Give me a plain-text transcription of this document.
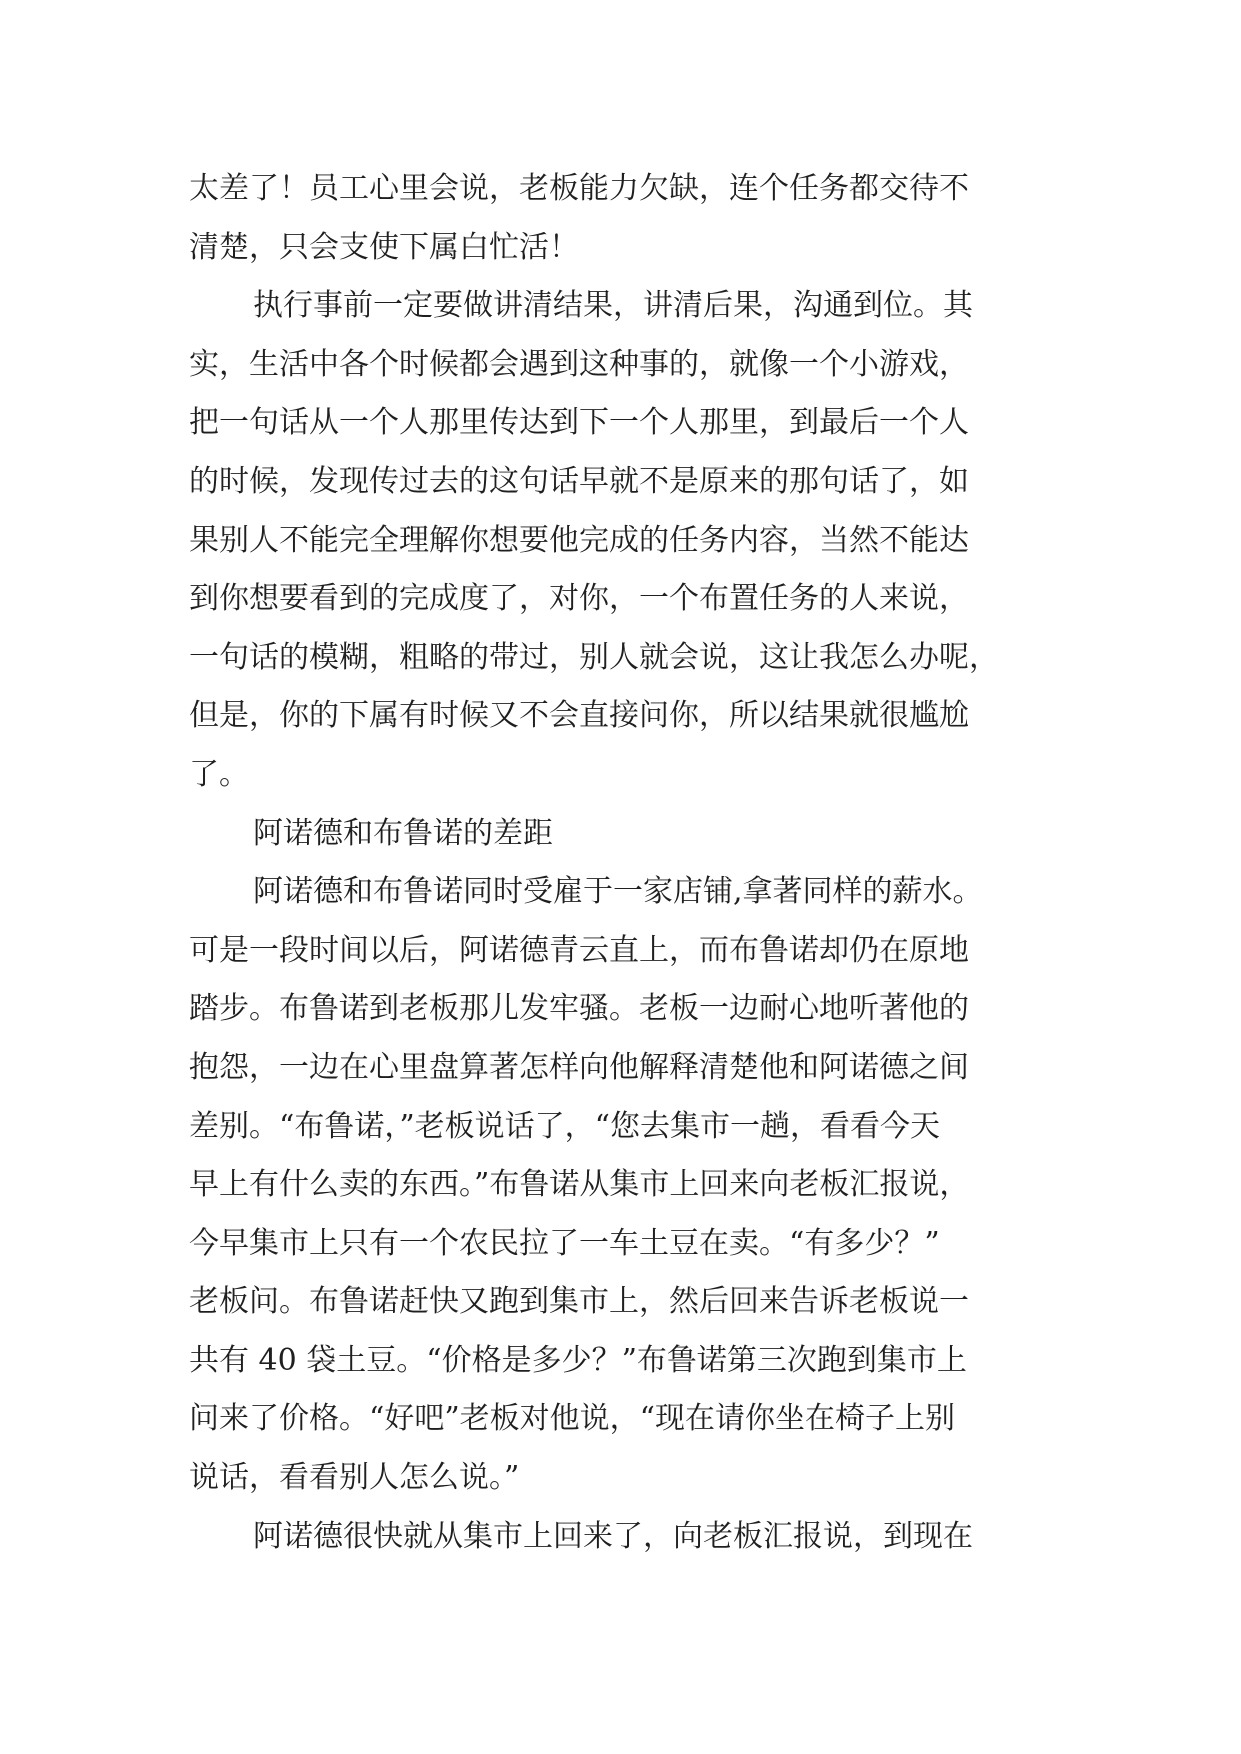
太差了！员工心里会说，老板能力欠缺，连个任务都交待不
清楚，只会支使下属白忙活！
执行事前一定要做讲清结果，讲清后果，沟通到位。其
实，生活中各个时候都会遇到这种事的，就像一个小游戏，
把一句话从一个人那里传达到下一个人那里，到最后一个人
的时候，发现传过去的这句话早就不是原来的那句话了，如
果别人不能完全理解你想要他完成的任务内容，当然不能达
到你想要看到的完成度了，对你，一个布置任务的人来说，
一句话的模糊，粗略的带过，别人就会说，这让我怎么办呢，
但是，你的下属有时候又不会直接问你，所以结果就很尴尬
了。
阿诺德和布鲁诺的差距
阿诺德和布鲁诺同时受雇于一家店铺,拿著同样的薪水。
可是一段时间以后，阿诺德青云直上，而布鲁诺却仍在原地
踏步。布鲁诺到老板那儿发牢骚。老板一边耐心地听著他的
抱怨，一边在心里盘算著怎样向他解释清楚他和阿诺德之间
差别。“布鲁诺，”老板说话了，“您去集市一趟，看看今天
早上有什么卖的东西。”布鲁诺从集市上回来向老板汇报说，
今早集市上只有一个农民拉了一车土豆在卖。“有多少？”
老板问。布鲁诺赶快又跑到集市上，然后回来告诉老板说一
共有 40 袋土豆。“价格是多少？”布鲁诺第三次跑到集市上
问来了价格。“好吧”老板对他说，“现在请你坐在椅子上别
说话，看看别人怎么说。”
阿诺德很快就从集市上回来了，向老板汇报说，到现在
